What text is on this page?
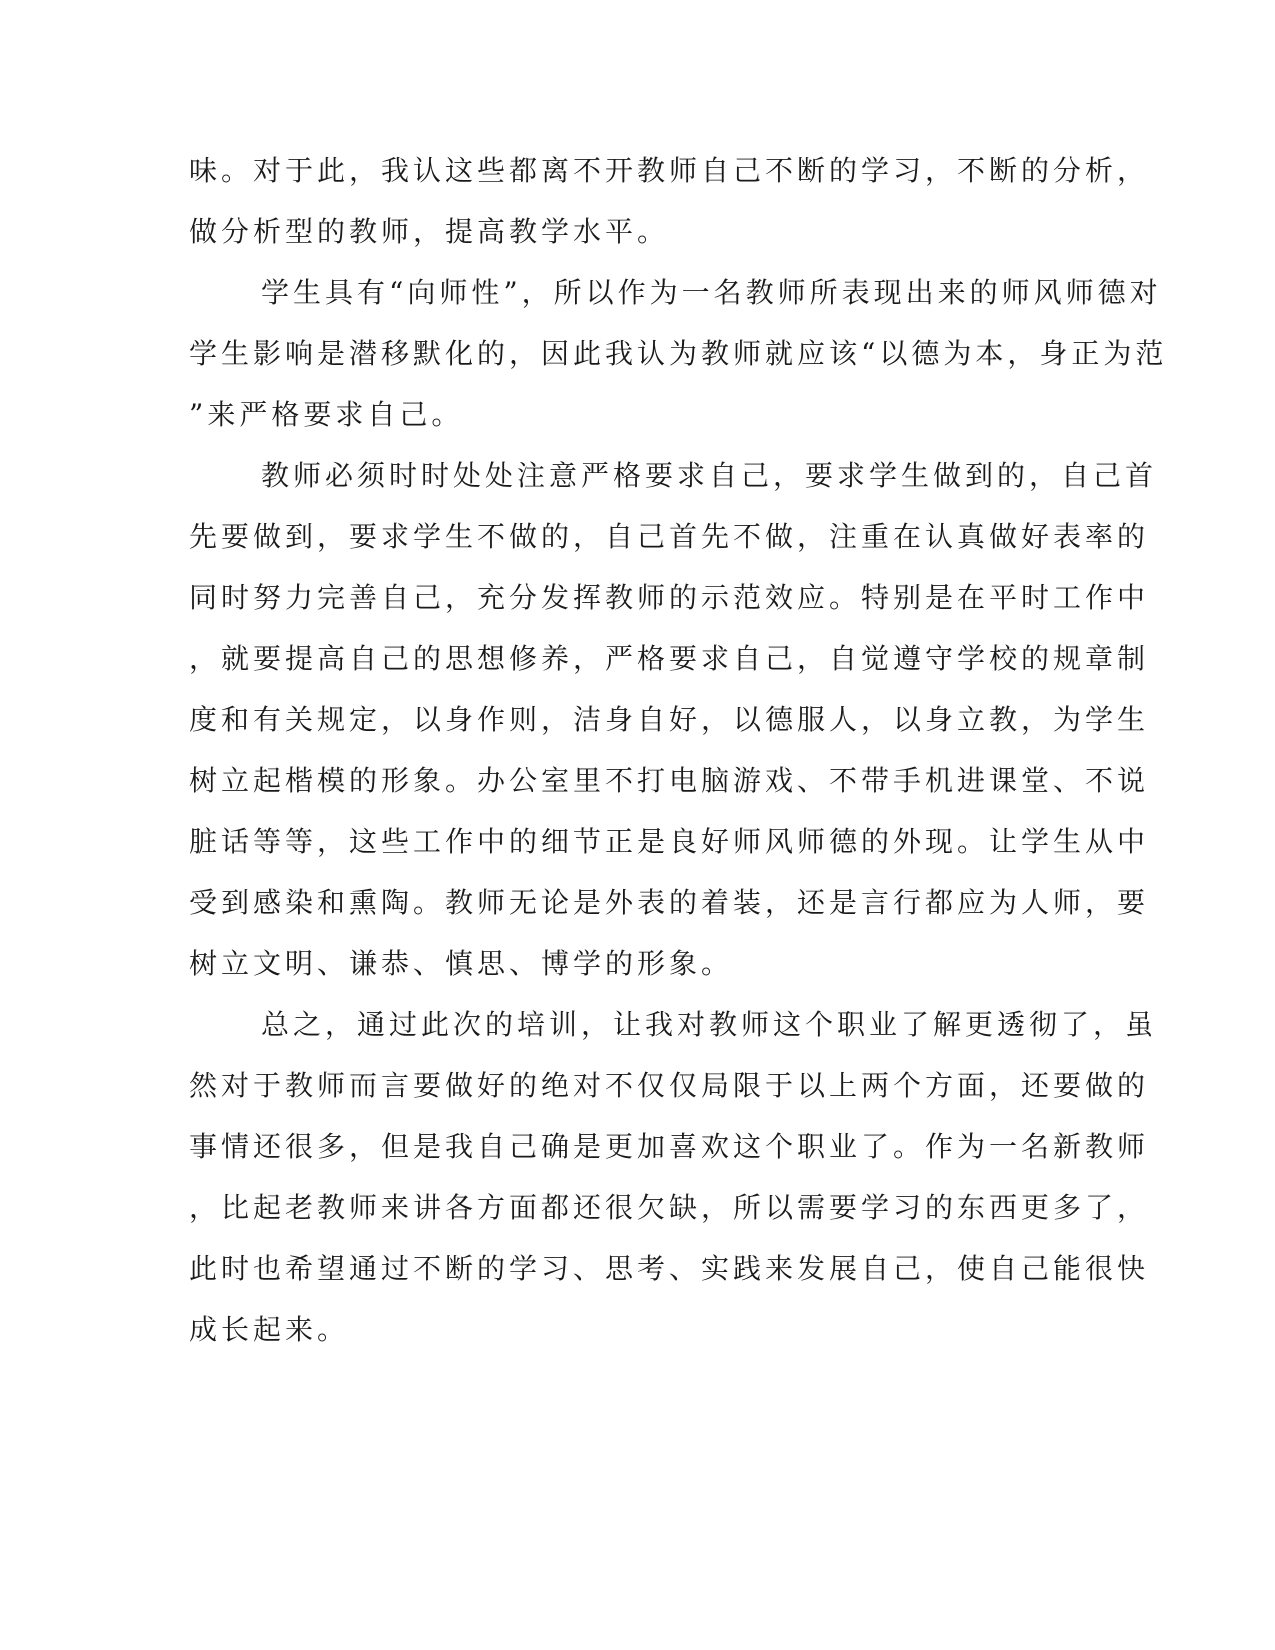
味。对于此，我认这些都离不开教师自己不断的学习，不断的分析，
做分析型的教师，提高教学水平。
学生具有“向师性”，所以作为一名教师所表现出来的师风师德对
学生影响是潜移默化的，因此我认为教师就应该“以德为本，身正为范
”来严格要求自己。
教师必须时时处处注意严格要求自己，要求学生做到的，自己首
先要做到，要求学生不做的，自己首先不做，注重在认真做好表率的
同时努力完善自己，充分发挥教师的示范效应。特别是在平时工作中
，就要提高自己的思想修养，严格要求自己，自觉遵守学校的规章制
度和有关规定，以身作则，洁身自好，以德服人，以身立教，为学生
树立起楷模的形象。办公室里不打电脑游戏、不带手机进课堂、不说
脏话等等，这些工作中的细节正是良好师风师德的外现。让学生从中
受到感染和熏陶。教师无论是外表的着装，还是言行都应为人师，要
树立文明、谦恭、慎思、博学的形象。
总之，通过此次的培训，让我对教师这个职业了解更透彻了，虽
然对于教师而言要做好的绝对不仅仅局限于以上两个方面，还要做的
事情还很多，但是我自己确是更加喜欢这个职业了。作为一名新教师
，比起老教师来讲各方面都还很欠缺，所以需要学习的东西更多了，
此时也希望通过不断的学习、思考、实践来发展自己，使自己能很快
成长起来。
